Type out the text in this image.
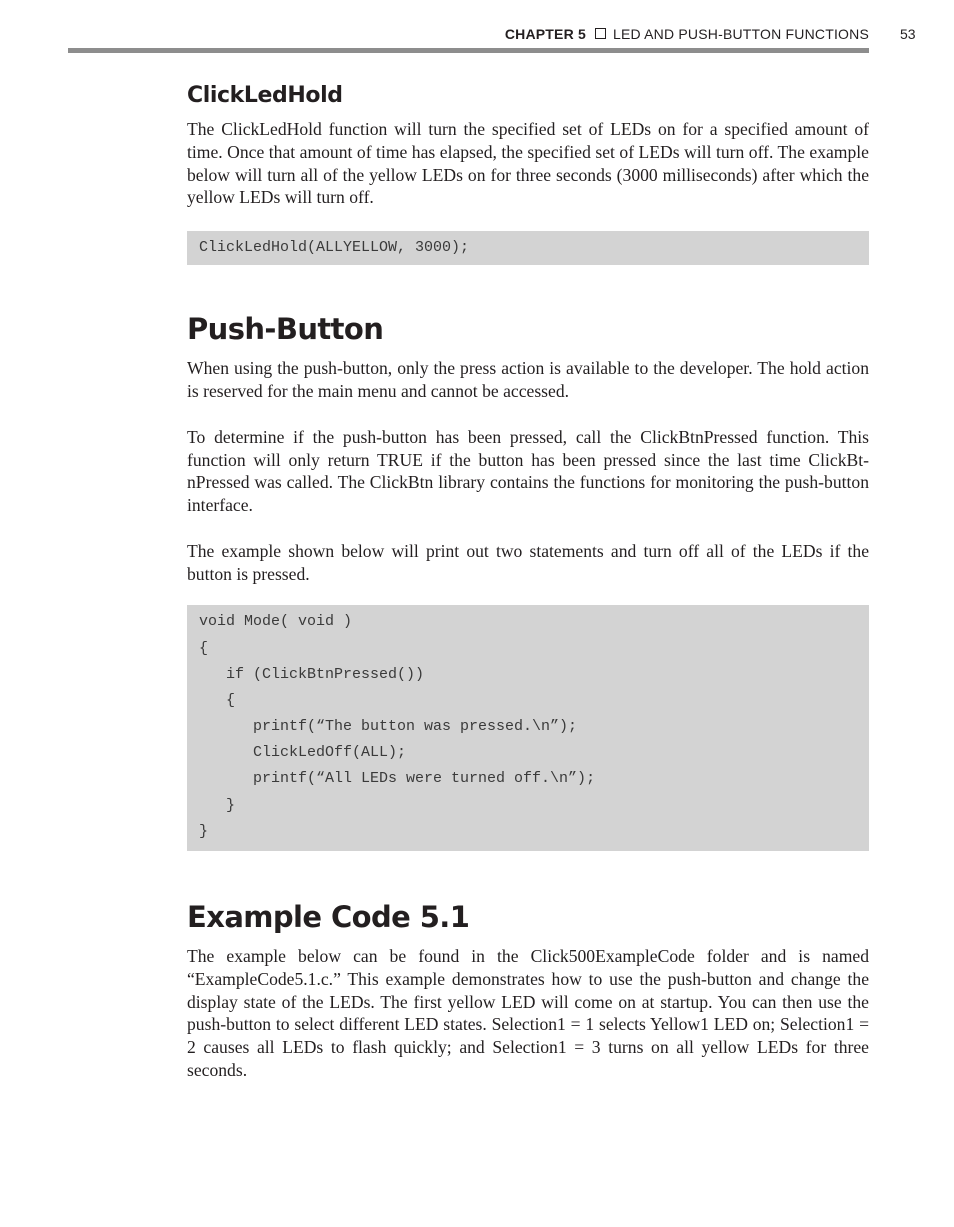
CHAPTER 5 LED AND PUSH-BUTTON FUNCTIONS 53
ClickLedHold

The ClickLedHold function will turn the specified set of LEDs on for a specified amount of time. Once that amount of time has elapsed, the specified set of LEDs will turn off. The example below will turn all of the yellow LEDs on for three seconds (3000 milliseconds) after which the yellow LEDs will turn off.

ClickLedHold(ALLYELLOW, 3000);
Push-Button

When using the push-button, only the press action is available to the developer. The hold action is reserved for the main menu and cannot be accessed.

To determine if the push-button has been pressed, call the ClickBtnPressed function. This function will only return TRUE if the button has been pressed since the last time ClickBtnPressed was called. The ClickBtn library contains the functions for monitoring the push-button interface.

The example shown below will print out two statements and turn off all of the LEDs if the button is pressed.

void Mode( void )
{
if (ClickBtnPressed())
{
printf(“The button was pressed.\n”);
ClickLedOff(ALL);
printf(“All LEDs were turned off.\n”);
}
}
Example Code 5.1

The example below can be found in the Click500ExampleCode folder and is named “ExampleCode5.1.c.” This example demonstrates how to use the push-button and change the display state of the LEDs. The first yellow LED will come on at startup. You can then use the push-button to select different LED states. Selection1 = 1 selects Yellow1 LED on; Selection1 = 2 causes all LEDs to flash quickly; and Selection1 = 3 turns on all yellow LEDs for three seconds.
